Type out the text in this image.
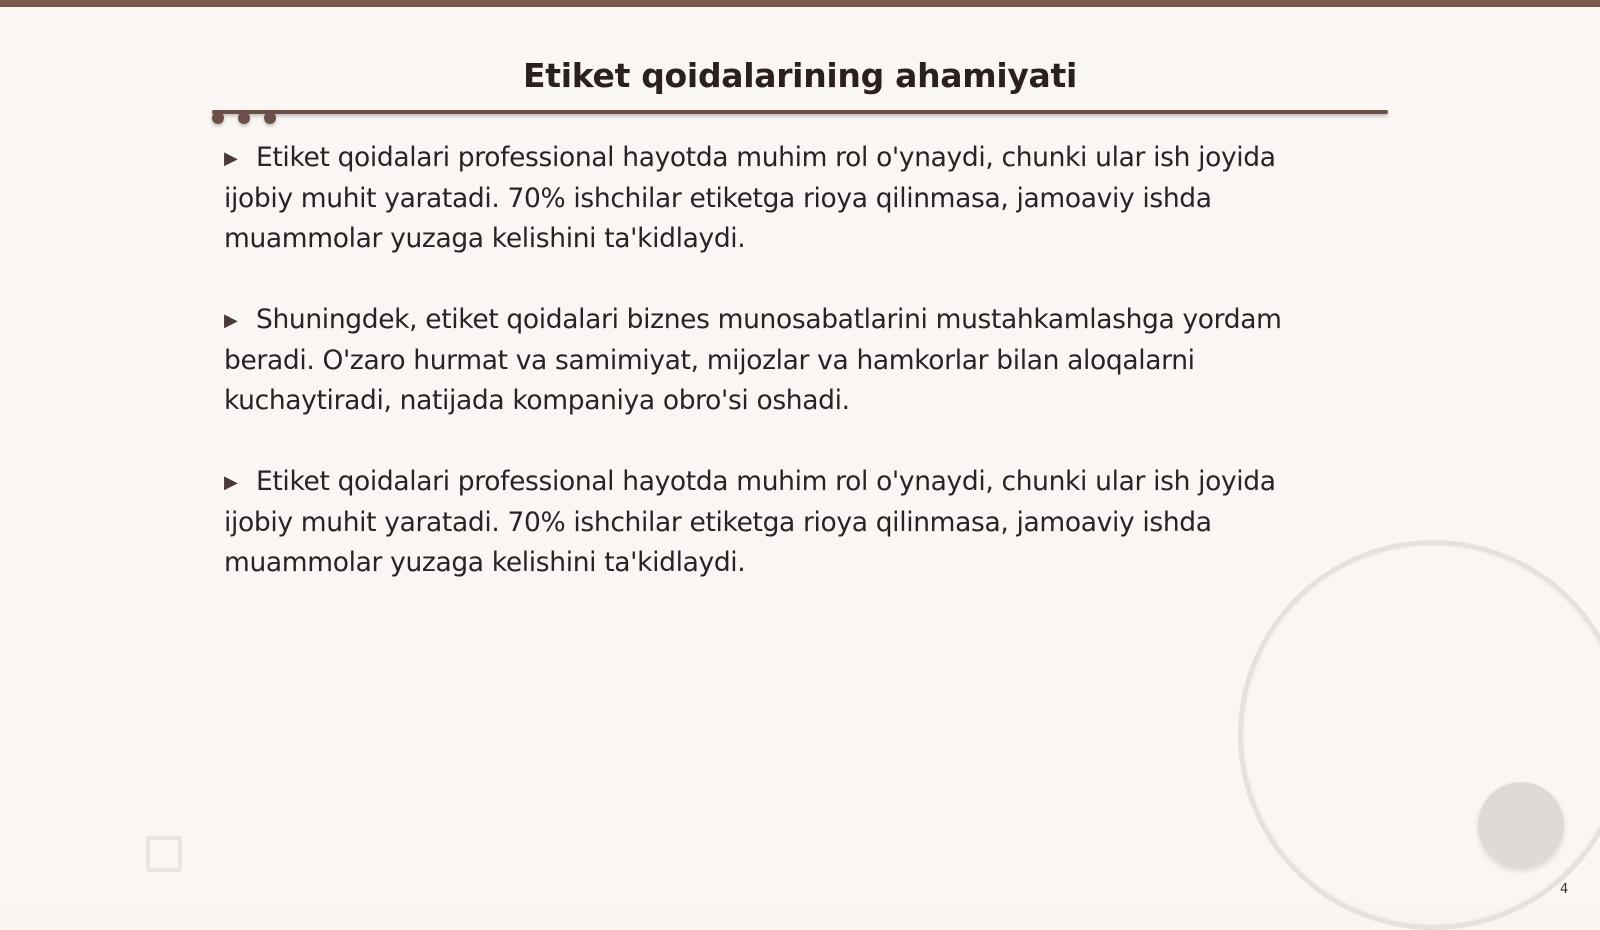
Etiket qoidalarining ahamiyati

▶ Etiket qoidalari professional hayotda muhim rol o'ynaydi, chunki ular ish joyida ijobiy muhit yaratadi. 70% ishchilar etiketga rioya qilinmasa, jamoaviy ishda muammolar yuzaga kelishini ta'kidlaydi.

▶ Shuningdek, etiket qoidalari biznes munosabatlarini mustahkamlashga yordam beradi. O'zaro hurmat va samimiyat, mijozlar va hamkorlar bilan aloqalarni kuchaytiradi, natijada kompaniya obro'si oshadi.

▶ Etiket qoidalari professional hayotda muhim rol o'ynaydi, chunki ular ish joyida ijobiy muhit yaratadi. 70% ishchilar etiketga rioya qilinmasa, jamoaviy ishda muammolar yuzaga kelishini ta'kidlaydi.

4
